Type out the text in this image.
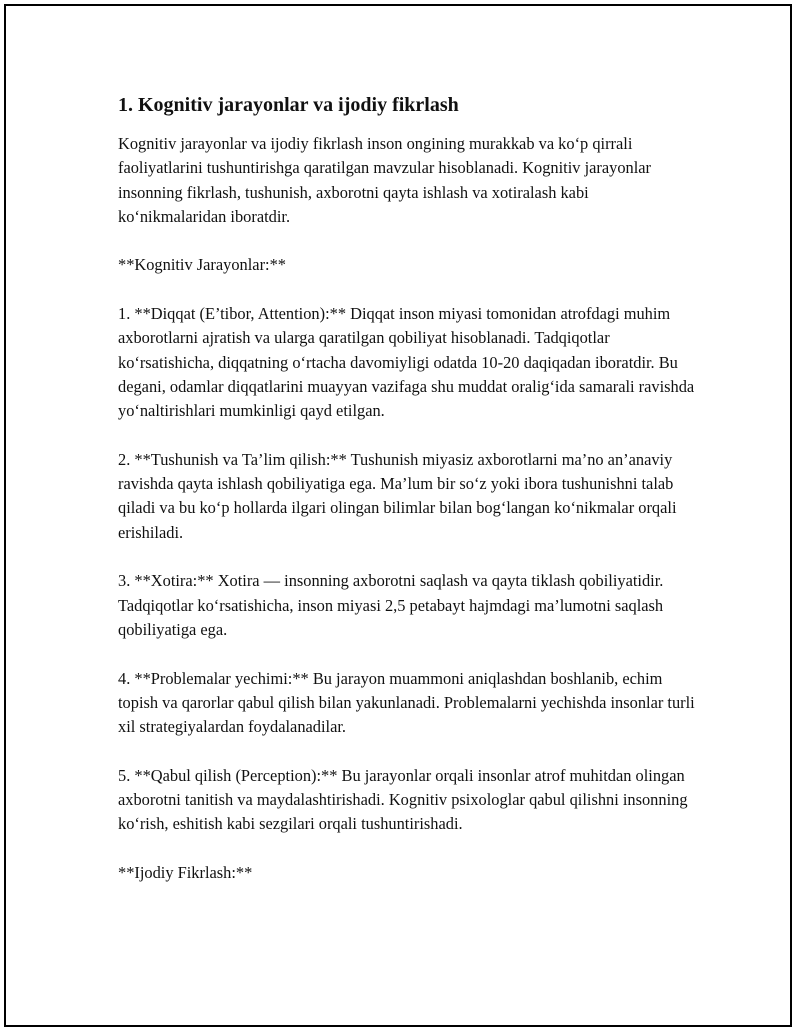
1. Kognitiv jarayonlar va ijodiy fikrlash

Kognitiv jarayonlar va ijodiy fikrlash inson ongining murakkab va ko‘p qirrali faoliyatlarini tushuntirishga qaratilgan mavzular hisoblanadi. Kognitiv jarayonlar insonning fikrlash, tushunish, axborotni qayta ishlash va xotiralash kabi ko‘nikmalaridan iboratdir.

**Kognitiv Jarayonlar:**

1. **Diqqat (E’tibor, Attention):** Diqqat inson miyasi tomonidan atrofdagi muhim axborotlarni ajratish va ularga qaratilgan qobiliyat hisoblanadi. Tadqiqotlar ko‘rsatishicha, diqqatning o‘rtacha davomiyligi odatda 10-20 daqiqadan iboratdir. Bu degani, odamlar diqqatlarini muayyan vazifaga shu muddat oralig‘ida samarali ravishda yo‘naltirishlari mumkinligi qayd etilgan.

2. **Tushunish va Ta’lim qilish:** Tushunish miyasiz axborotlarni ma’no an’anaviy ravishda qayta ishlash qobiliyatiga ega. Ma’lum bir so‘z yoki ibora tushunishni talab qiladi va bu ko‘p hollarda ilgari olingan bilimlar bilan bog‘langan ko‘nikmalar orqali erishiladi.

3. **Xotira:** Xotira — insonning axborotni saqlash va qayta tiklash qobiliyatidir. Tadqiqotlar ko‘rsatishicha, inson miyasi 2,5 petabayt hajmdagi ma’lumotni saqlash qobiliyatiga ega.

4. **Problemalar yechimi:** Bu jarayon muammoni aniqlashdan boshlanib, echim topish va qarorlar qabul qilish bilan yakunlanadi. Problemalarni yechishda insonlar turli xil strategiyalardan foydalanadilar.

5. **Qabul qilish (Perception):** Bu jarayonlar orqali insonlar atrof muhitdan olingan axborotni tanitish va maydalashtirishadi. Kognitiv psixologlar qabul qilishni insonning ko‘rish, eshitish kabi sezgilari orqali tushuntirishadi.

**Ijodiy Fikrlash:**
